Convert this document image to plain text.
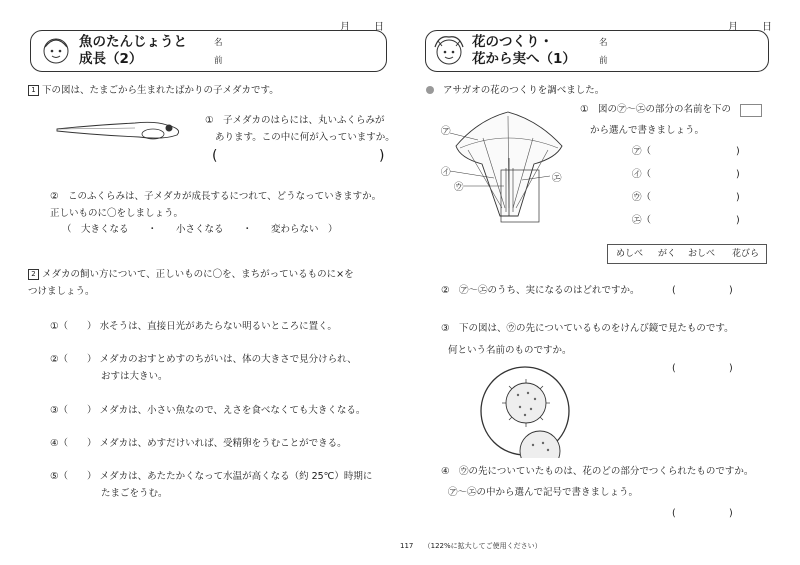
月 日
魚のたんじょうと
成長（2）
名
前
1 下の図は、たまごから生まれたばかりの子メダカです。
①　子メダカのはらには、丸いふくらみが
あります。この中に何が入っていますか。
(	)
②　このふくらみは、子メダカが成長するにつれて、どうなっていきますか。
正しいものに〇をしましょう。
（　大きくなる　　・　　小さくなる　　・　　変わらない　）
2 メダカの飼い方について、正しいものに〇を、まちがっているものに×を
つけましょう。
①（　　） 水そうは、直接日光があたらない明るいところに置く。
②（　　） メダカのおすとめすのちがいは、体の大きさで見分けられ、
おすは大きい。
③（　　） メダカは、小さい魚なので、えさを食べなくても大きくなる。
④（　　） メダカは、めすだけいれば、受精卵をうむことができる。
⑤（　　） メダカは、あたたかくなって水温が高くなる（約 25℃）時期に
たまごをうむ。
月 日
花のつくり・
花から実へ（1）
名
前
アサガオの花のつくりを調べました。
㋐
㋑
㋒
㋓
①　図の㋐〜㋓の部分の名前を下の
から選んで書きましょう。
㋐（	)
㋑（	)
㋒（	)
㋓（	)
めしべ がく おしべ 花びら
②　㋐〜㋓のうち、実になるのはどれですか。	(	)
③　下の図は、㋒の先についているものをけんび鏡で見たものです。
何という名前のものですか。
(	)
④　㋒の先についていたものは、花のどの部分でつくられたものですか。
㋐〜㋓の中から選んで記号で書きましょう。
(	)
117 （122%に拡大してご使用ください）
